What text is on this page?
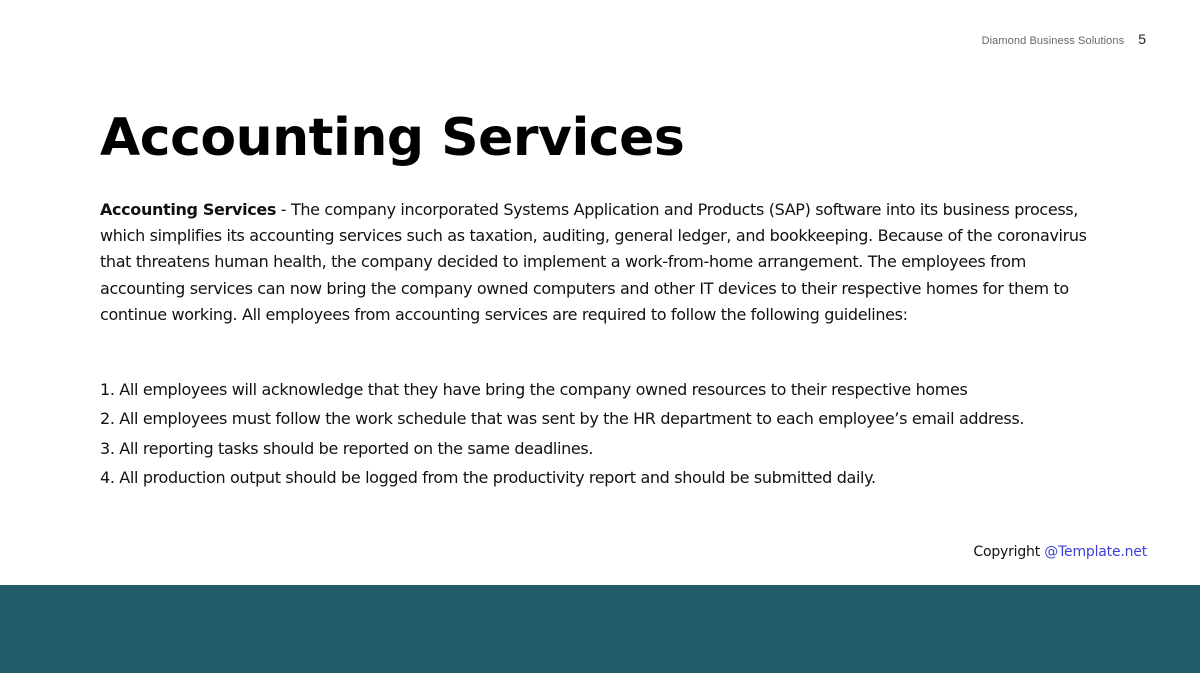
Diamond Business Solutions 5
Accounting Services

Accounting Services - The company incorporated Systems Application and Products (SAP) software into its business process, which simplifies its accounting services such as taxation, auditing, general ledger, and bookkeeping. Because of the coronavirus that threatens human health, the company decided to implement a work-from-home arrangement. The employees from accounting services can now bring the company owned computers and other IT devices to their respective homes for them to continue working. All employees from accounting services are required to follow the following guidelines:

1. All employees will acknowledge that they have bring the company owned resources to their respective homes
2. All employees must follow the work schedule that was sent by the HR department to each employee’s email address.
3. All reporting tasks should be reported on the same deadlines.
4. All production output should be logged from the productivity report and should be submitted daily.
Copyright @Template.net
